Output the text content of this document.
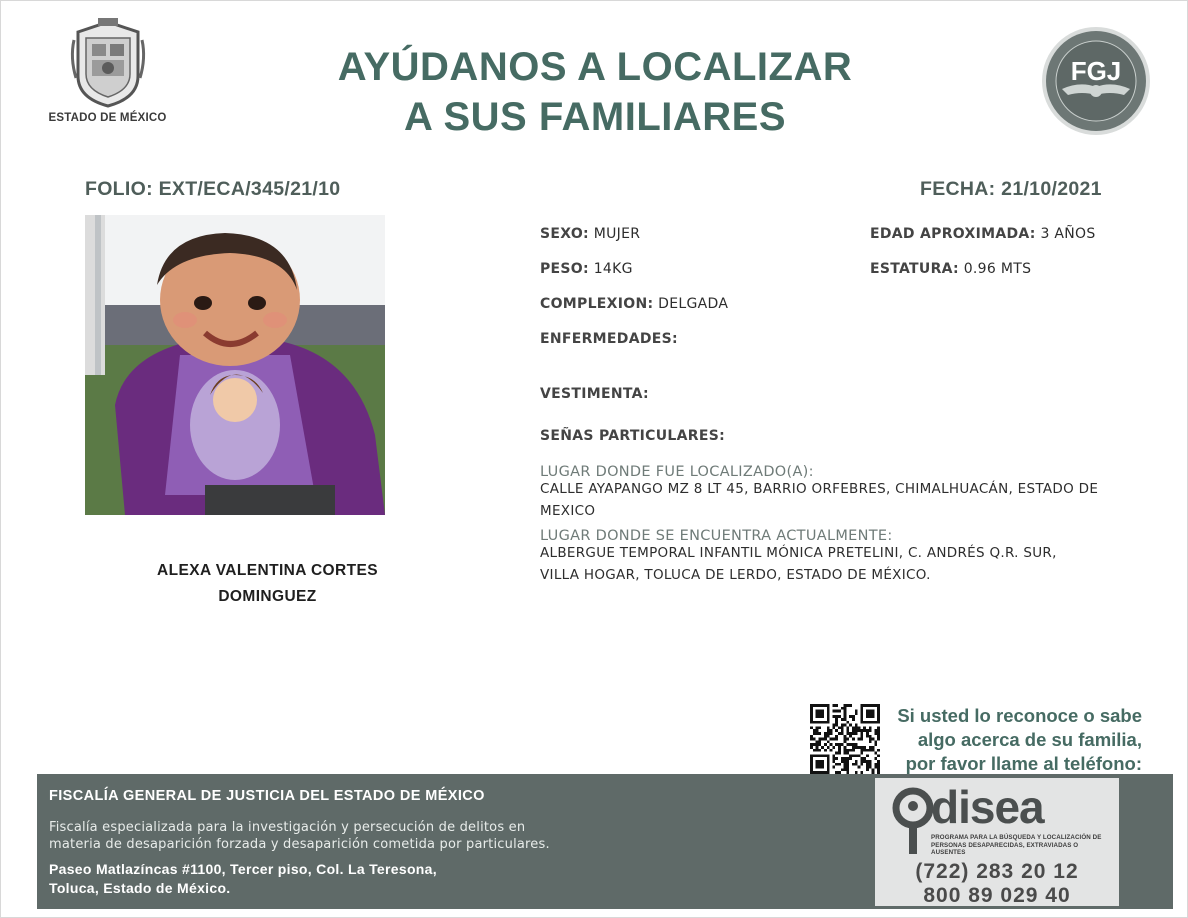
ESTADO DE MÉXICO
AYÚDANOS A LOCALIZAR
A SUS FAMILIARES
FGJ
FOLIO: EXT/ECA/345/21/10	FECHA: 21/10/2021
ALEXA VALENTINA CORTES
DOMINGUEZ
SEXO: MUJER	EDAD APROXIMADA: 3 AÑOS
PESO: 14KG	ESTATURA: 0.96 MTS
COMPLEXION: DELGADA
ENFERMEDADES:
VESTIMENTA:
SEÑAS PARTICULARES:
LUGAR DONDE FUE LOCALIZADO(A):
CALLE AYAPANGO MZ 8 LT 45, BARRIO ORFEBRES, CHIMALHUACÁN, ESTADO DE MEXICO
LUGAR DONDE SE ENCUENTRA ACTUALMENTE:
ALBERGUE TEMPORAL INFANTIL MÓNICA PRETELINI, C. ANDRÉS Q.R. SUR,
VILLA HOGAR, TOLUCA DE LERDO, ESTADO DE MÉXICO.
Si usted lo reconoce o sabe
algo acerca de su familia,
por favor llame al teléfono:
FISCALÍA GENERAL DE JUSTICIA DEL ESTADO DE MÉXICO
Fiscalía especializada para la investigación y persecución de delitos en
materia de desaparición forzada y desaparición cometida por particulares.
Paseo Matlazíncas #1100, Tercer piso, Col. La Teresona,
Toluca, Estado de México.
disea
PROGRAMA PARA LA BÚSQUEDA Y LOCALIZACIÓN DE PERSONAS DESAPARECIDAS, EXTRAVIADAS O AUSENTES
(722) 283 20 12
800 89 029 40
